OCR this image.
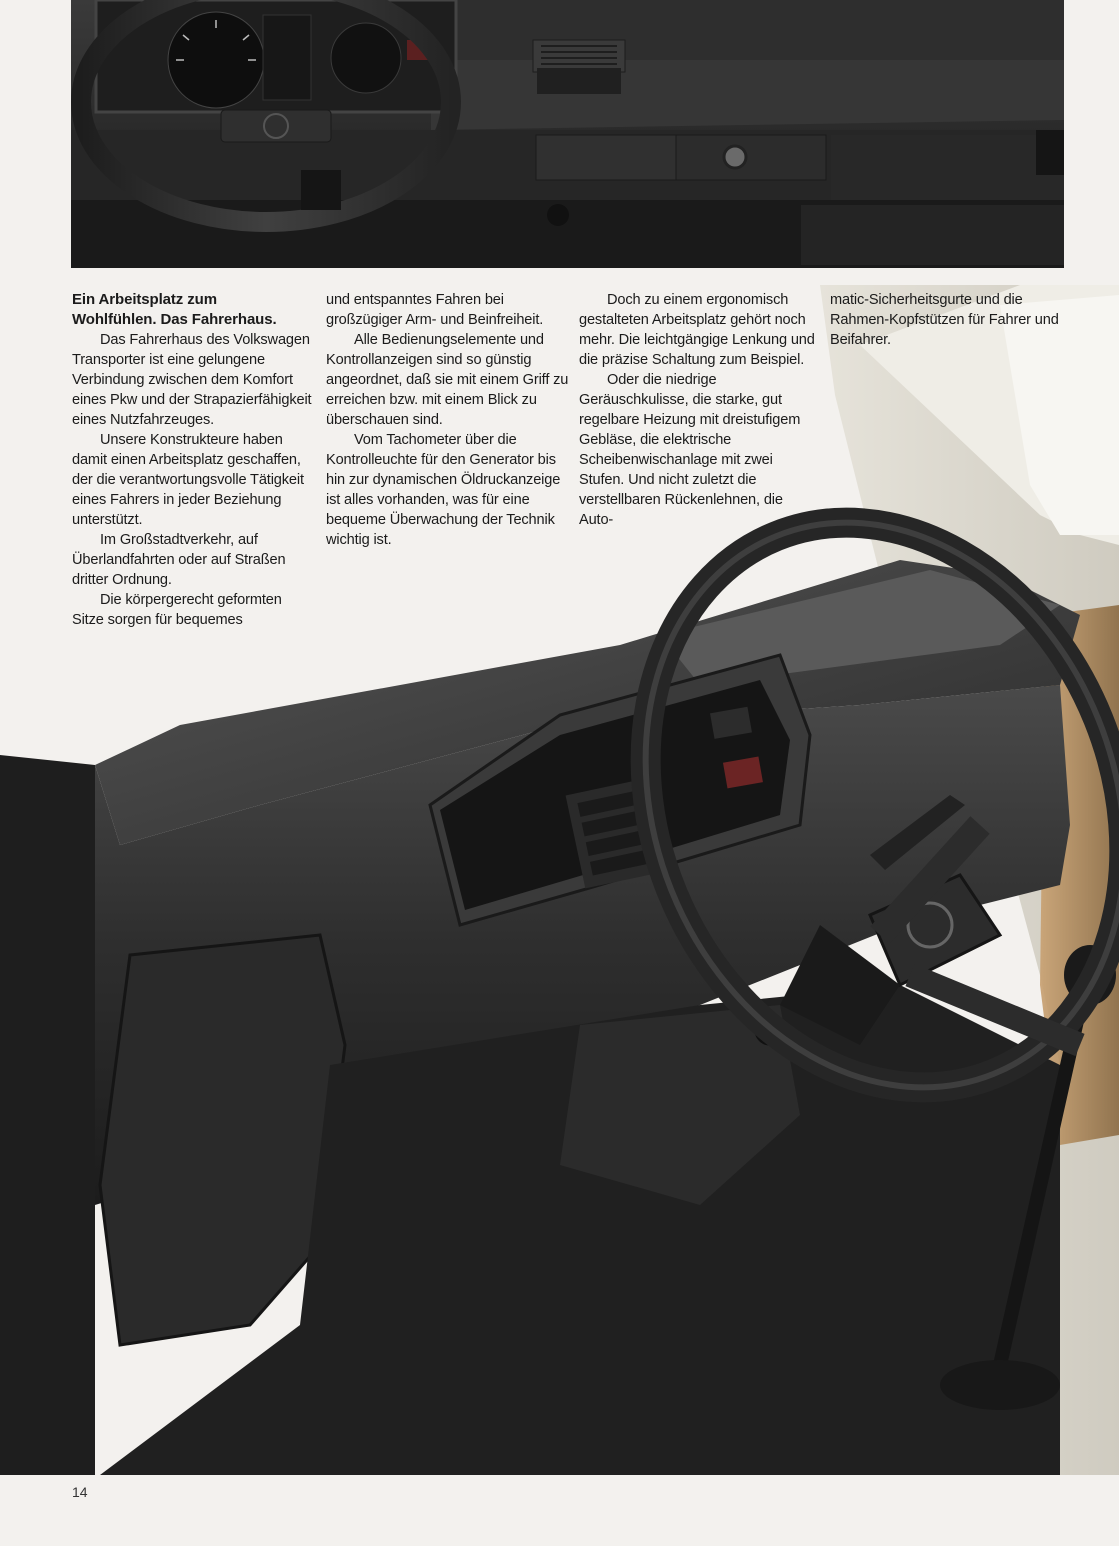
Ein Arbeitsplatz zum
Wohlfühlen. Das Fahrerhaus.

Das Fahrerhaus des Volkswagen Transporter ist eine gelungene Verbindung zwischen dem Komfort eines Pkw und der Strapazierfähigkeit eines Nutzfahrzeuges.

Unsere Konstrukteure haben damit einen Arbeitsplatz geschaffen, der die verantwortungsvolle Tätigkeit eines Fahrers in jeder Beziehung unterstützt.

Im Großstadtverkehr, auf Überlandfahrten oder auf Straßen dritter Ordnung.

Die körpergerecht geformten Sitze sorgen für bequemes

und entspanntes Fahren bei großzügiger Arm- und Beinfreiheit.

Alle Bedienungselemente und Kontrollanzeigen sind so günstig angeordnet, daß sie mit einem Griff zu erreichen bzw. mit einem Blick zu überschauen sind.

Vom Tachometer über die Kontrolleuchte für den Generator bis hin zur dynamischen Öldruckanzeige ist alles vorhanden, was für eine bequeme Überwachung der Technik wichtig ist.

Doch zu einem ergonomisch gestalteten Arbeitsplatz gehört noch mehr. Die leichtgängige Lenkung und die präzise Schaltung zum Beispiel.

Oder die niedrige Geräuschkulisse, die starke, gut regelbare Heizung mit dreistufigem Gebläse, die elektrische Scheibenwischanlage mit zwei Stufen. Und nicht zuletzt die verstellbaren Rückenlehnen, die Auto-

matic-Sicherheitsgurte und die Rahmen-Kopfstützen für Fahrer und Beifahrer.

14
